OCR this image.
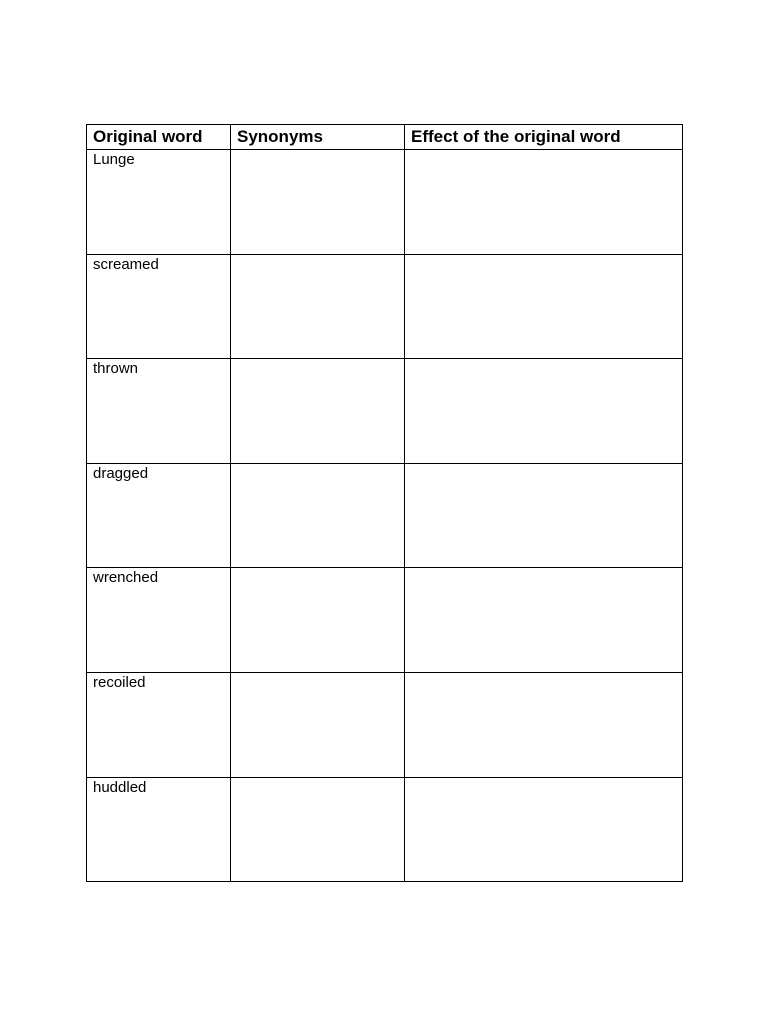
Original word	Synonyms	Effect of the original word
Lunge		
screamed		
thrown		
dragged		
wrenched		
recoiled		
huddled		
